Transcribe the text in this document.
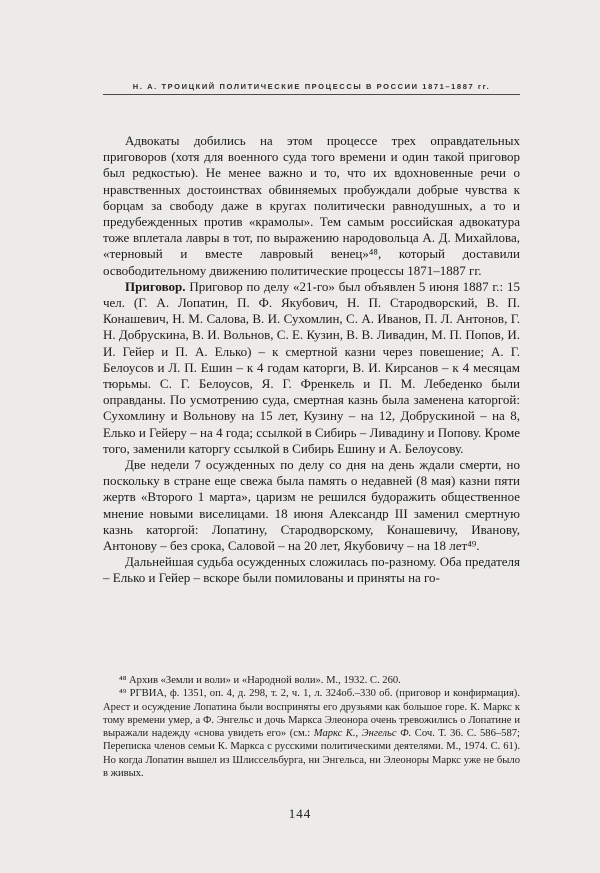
Н. А. ТРОИЦКИЙ ПОЛИТИЧЕСКИЕ ПРОЦЕССЫ В РОССИИ 1871–1887 гг.

Адвокаты добились на этом процессе трех оправдательных приговоров (хотя для военного суда того времени и один такой приговор был редкостью). Не менее важно и то, что их вдохновенные речи о нравственных достоинствах обвиняемых пробуждали добрые чувства к борцам за свободу даже в кругах политически равнодушных, а то и предубежденных против «крамолы». Тем самым российская адвокатура тоже вплетала лавры в тот, по выражению народовольца А. Д. Михайлова, «терновый и вместе лавровый венец»⁴⁸, который доставили освободительному движению политические процессы 1871–1887 гг.

Приговор. Приговор по делу «21-го» был объявлен 5 июня 1887 г.: 15 чел. (Г. А. Лопатин, П. Ф. Якубович, Н. П. Стародворский, В. П. Конашевич, Н. М. Салова, В. И. Сухомлин, С. А. Иванов, П. Л. Антонов, Г. Н. Добрускина, В. И. Вольнов, С. Е. Кузин, В. В. Ливадин, М. П. Попов, И. И. Гейер и П. А. Елько) – к смертной казни через повешение; А. Г. Белоусов и Л. П. Ешин – к 4 годам каторги, В. И. Кирсанов – к 4 месяцам тюрьмы. С. Г. Белоусов, Я. Г. Френкель и П. М. Лебеденко были оправданы. По усмотрению суда, смертная казнь была заменена каторгой: Сухомлину и Вольнову на 15 лет, Кузину – на 12, Добрускиной – на 8, Елько и Гейеру – на 4 года; ссылкой в Сибирь – Ливадину и Попову. Кроме того, заменили каторгу ссылкой в Сибирь Ешину и А. Белоусову.

Две недели 7 осужденных по делу со дня на день ждали смерти, но поскольку в стране еще свежа была память о недавней (8 мая) казни пяти жертв «Второго 1 марта», царизм не решился будоражить общественное мнение новыми виселицами. 18 июня Александр III заменил смертную казнь каторгой: Лопатину, Стародворскому, Конашевичу, Иванову, Антонову – без срока, Саловой – на 20 лет, Якубовичу – на 18 лет⁴⁹.

Дальнейшая судьба осужденных сложилась по-разному. Оба предателя – Елько и Гейер – вскоре были помилованы и приняты на го-

⁴⁸ Архив «Земли и воли» и «Народной воли». М., 1932. С. 260.

⁴⁹ РГВИА, ф. 1351, оп. 4, д. 298, т. 2, ч. 1, л. 324об.–330 об. (приговор и конфирмация). Арест и осуждение Лопатина были восприняты его друзьями как большое горе. К. Маркс к тому времени умер, а Ф. Энгельс и дочь Маркса Элеонора очень тревожились о Лопатине и выражали надежду «снова увидеть его» (см.: Маркс К., Энгельс Ф. Соч. Т. 36. С. 586–587; Переписка членов семьи К. Маркса с русскими политическими деятелями. М., 1974. С. 61). Но когда Лопатин вышел из Шлиссельбурга, ни Энгельса, ни Элеоноры Маркс уже не было в живых.

144
